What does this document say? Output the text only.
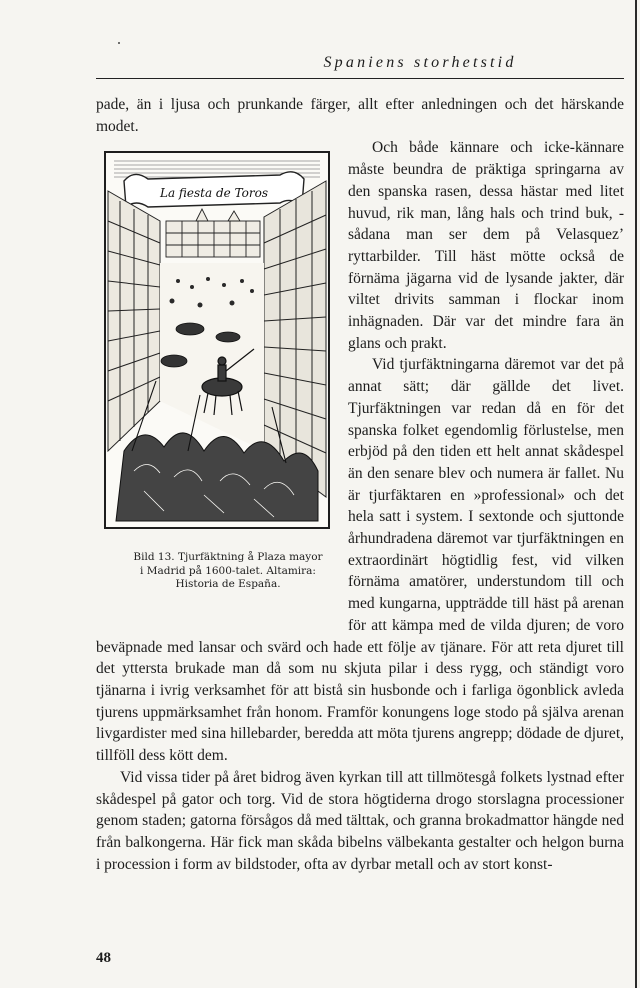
Spaniens storhetstid

pade, än i ljusa och prunkande färger, allt efter anledningen och det härskande modet.

La fiesta de Toros
Bild 13. Tjurfäktning å Plaza mayor
i Madrid på 1600-talet. Altamira:
Historia de España.
Och både kännare och icke-kännare måste beundra de präktiga springarna av den spanska rasen, dessa hästar med litet huvud, rik man, lång hals och trind buk, -sådana man ser dem på Velasquez’ ryttarbilder. Till häst mötte också de förnäma jägarna vid de lysande jakter, där viltet drivits samman i flockar inom inhägnaden. Där var det mindre fara än glans och prakt.

Vid tjurfäktningarna däremot var det på annat sätt; där gällde det livet. Tjurfäktningen var redan då en för det spanska folket egendomlig förlustelse, men erbjöd på den tiden ett helt annat skådespel än den senare blev och numera är fallet. Nu är tjurfäktaren en »professional» och det hela satt i system. I sextonde och sjuttonde århundradena däremot var tjurfäktningen en extraordinärt högtidlig fest, vid vilken förnäma amatörer, understundom till och med kungarna, uppträdde till häst på arenan för att kämpa med de vilda djuren; de voro beväpnade med lansar och svärd och hade ett följe av tjänare. För att reta djuret till det yttersta brukade man då som nu skjuta pilar i dess rygg, och ständigt voro tjänarna i ivrig verksamhet för att bistå sin husbonde och i farliga ögonblick avleda tjurens uppmärksamhet från honom. Framför konungens loge stodo på själva arenan livgardister med sina hillebarder, beredda att möta tjurens angrepp; dödade de djuret, tillföll dess kött dem.

Vid vissa tider på året bidrog även kyrkan till att tillmötesgå folkets lystnad efter skådespel på gator och torg. Vid de stora högtiderna drogo storslagna processioner genom staden; gatorna försågos då med tälttak, och granna brokadmattor hängde ned från balkongerna. Här fick man skåda bibelns välbekanta gestalter och helgon burna i procession i form av bildstoder, ofta av dyrbar metall och av stort konst-

48
